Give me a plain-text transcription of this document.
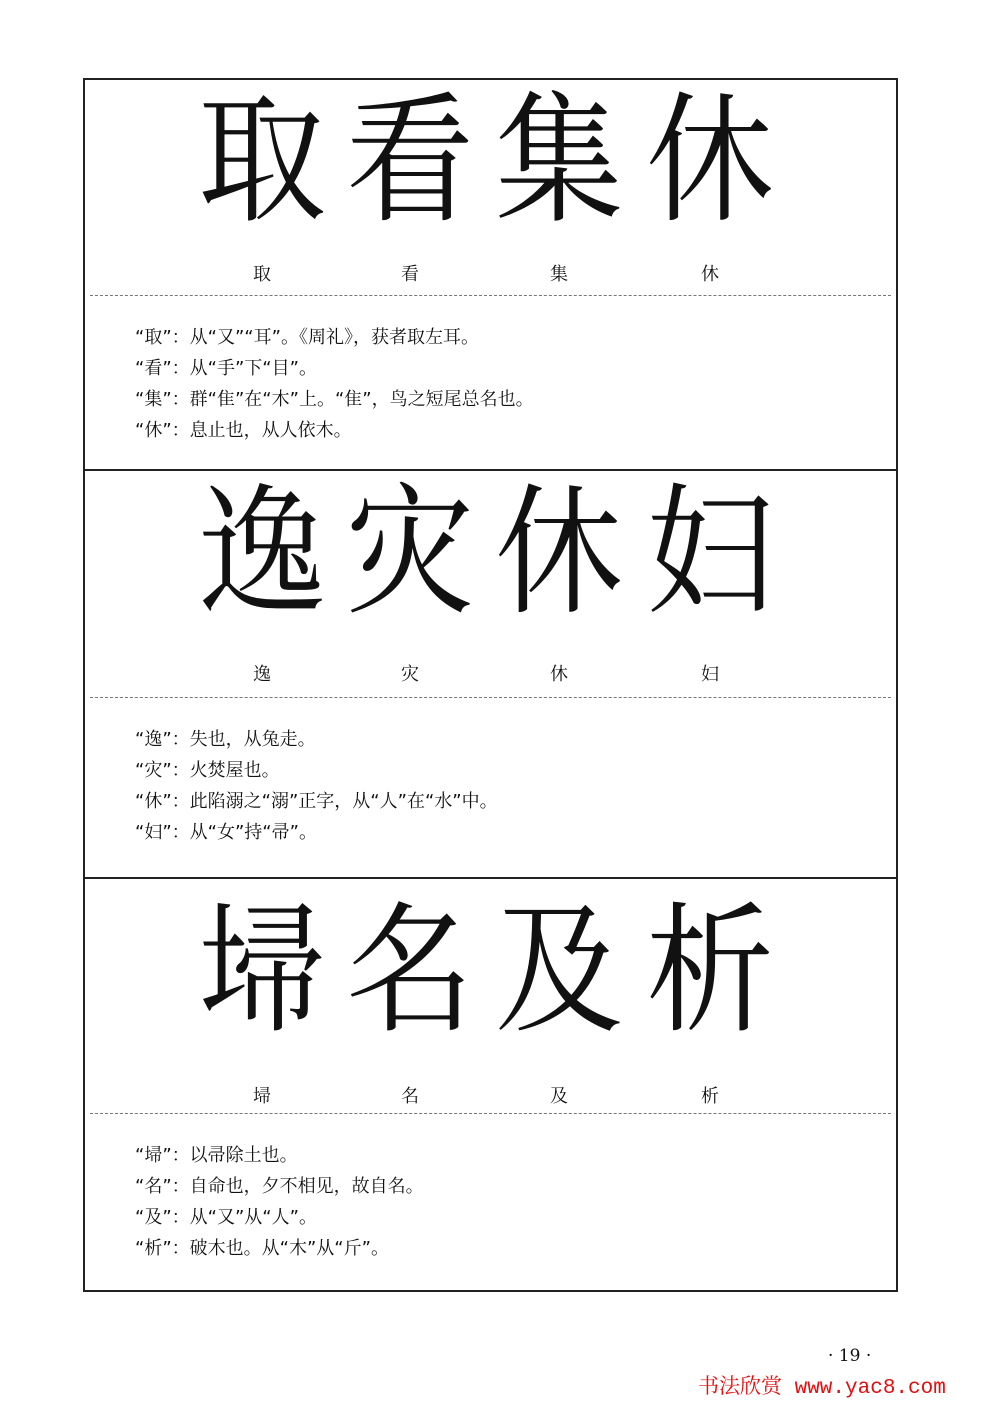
取 看 集 休
取	看	集	休
“取”：从“又”“耳”。《周礼》，获者取左耳。
“看”：从“手”下“目”。
“集”：群“隹”在“木”上。“隹”，鸟之短尾总名也。
“休”：息止也，从人依木。
逸 灾 休 妇
逸	灾	休	妇
“逸”：失也，从兔走。
“灾”：火焚屋也。
“休”：此陷溺之“溺”正字，从“人”在“水”中。
“妇”：从“女”持“帚”。
埽 名 及 析
埽	名	及	析
“埽”：以帚除土也。
“名”：自命也，夕不相见，故自名。
“及”：从“又”从“人”。
“析”：破木也。从“木”从“斤”。
· 19 ·
书法欣赏 www.yac8.com
